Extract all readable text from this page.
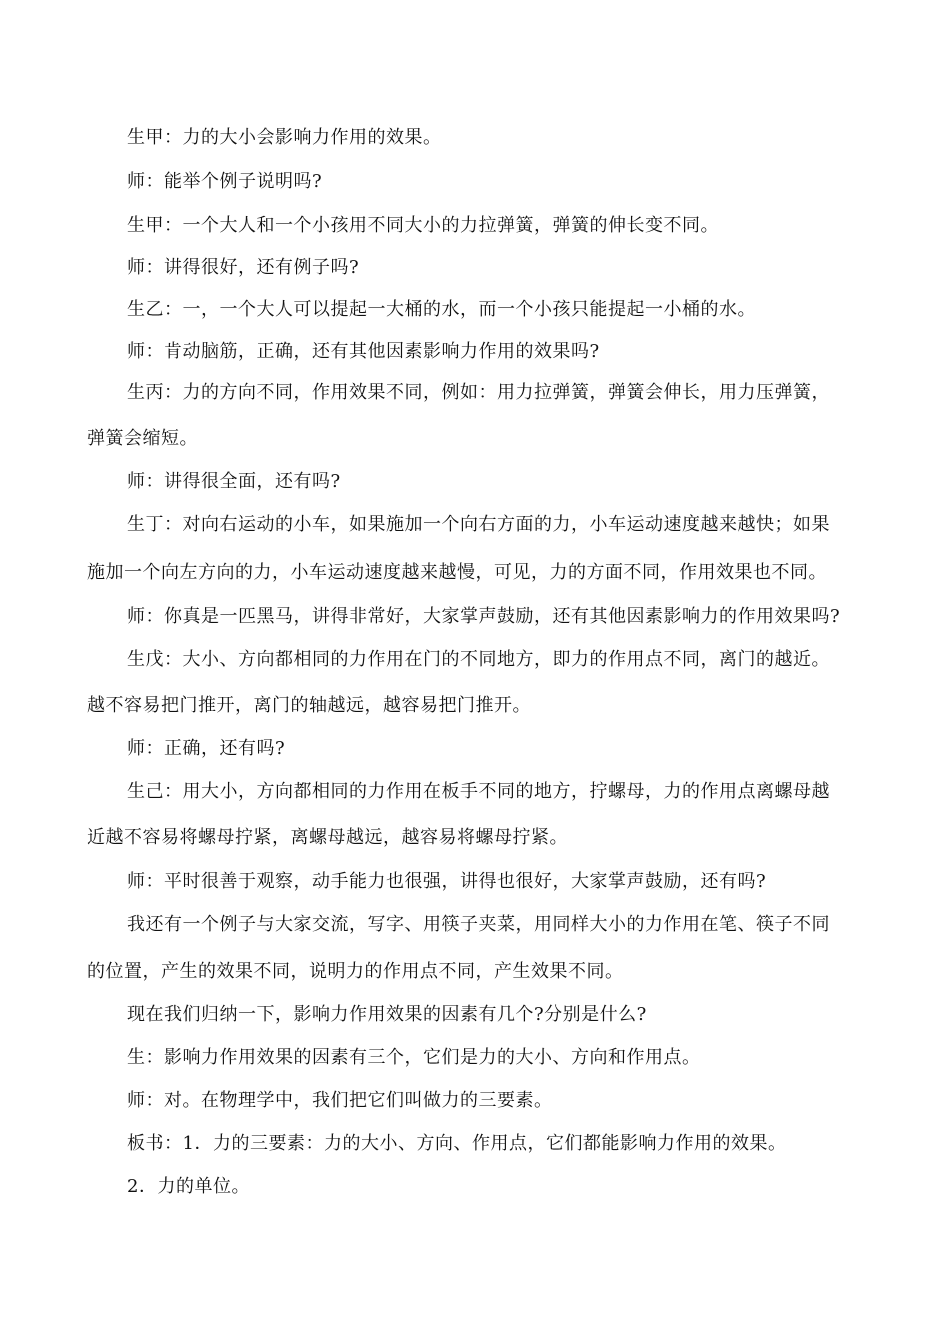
生甲：力的大小会影响力作用的效果。
师：能举个例子说明吗?
生甲：一个大人和一个小孩用不同大小的力拉弹簧，弹簧的伸长变不同。
师：讲得很好，还有例子吗?
生乙：一，一个大人可以提起一大桶的水，而一个小孩只能提起一小桶的水。
师：肯动脑筋，正确，还有其他因素影响力作用的效果吗?
生丙：力的方向不同，作用效果不同，例如：用力拉弹簧，弹簧会伸长，用力压弹簧，
弹簧会缩短。
师：讲得很全面，还有吗?
生丁：对向右运动的小车，如果施加一个向右方面的力，小车运动速度越来越快；如果
施加一个向左方向的力，小车运动速度越来越慢，可见，力的方面不同，作用效果也不同。
师：你真是一匹黑马，讲得非常好，大家掌声鼓励，还有其他因素影响力的作用效果吗?
生戊：大小、方向都相同的力作用在门的不同地方，即力的作用点不同，离门的越近。
越不容易把门推开，离门的轴越远，越容易把门推开。
师：正确，还有吗?
生己：用大小，方向都相同的力作用在板手不同的地方，拧螺母，力的作用点离螺母越
近越不容易将螺母拧紧，离螺母越远，越容易将螺母拧紧。
师：平时很善于观察，动手能力也很强，讲得也很好，大家掌声鼓励，还有吗?
我还有一个例子与大家交流，写字、用筷子夹菜，用同样大小的力作用在笔、筷子不同
的位置，产生的效果不同，说明力的作用点不同，产生效果不同。
现在我们归纳一下，影响力作用效果的因素有几个?分别是什么?
生：影响力作用效果的因素有三个，它们是力的大小、方向和作用点。
师：对。在物理学中，我们把它们叫做力的三要素。
板书：1．力的三要素：力的大小、方向、作用点，它们都能影响力作用的效果。
2．力的单位。
